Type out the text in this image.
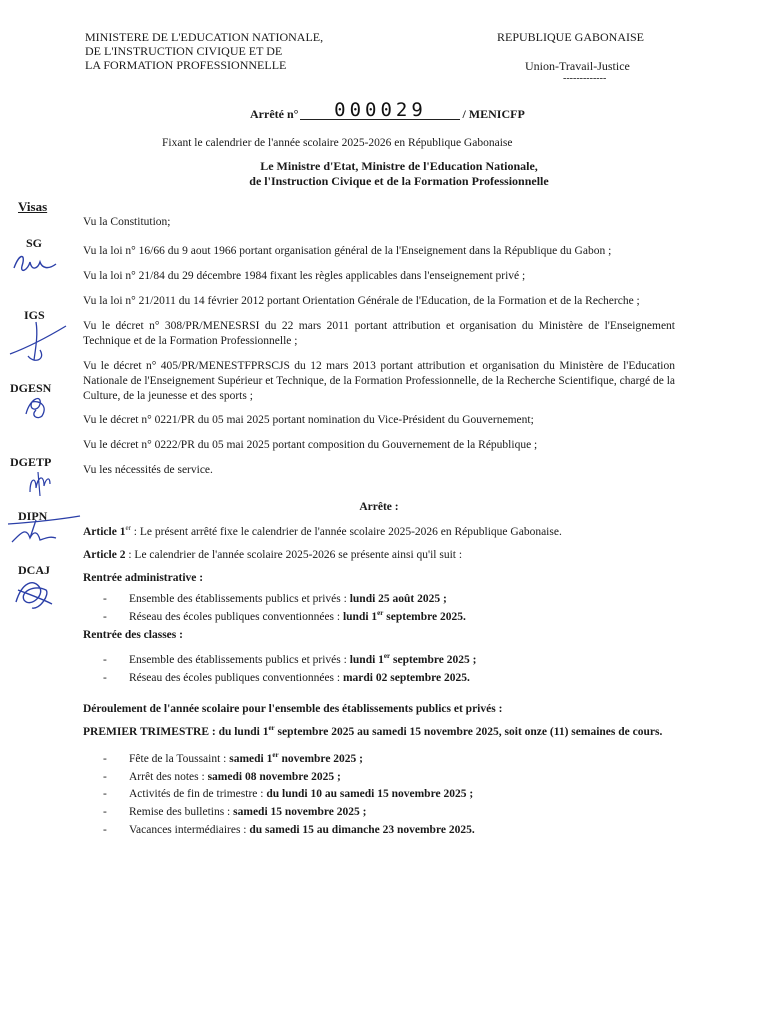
MINISTERE DE L'EDUCATION NATIONALE,
DE L'INSTRUCTION CIVIQUE ET DE
LA FORMATION PROFESSIONNELLE
REPUBLIQUE GABONAISE
Union-Travail-Justice
-------------
Arrêté n°	000029	/ MENICFP
Fixant le calendrier de l'année scolaire 2025-2026 en République Gabonaise
Le Ministre d'Etat, Ministre de l'Education Nationale,
de l'Instruction Civique et de la Formation Professionnelle
Visas
SG
IGS
DGESN
DGETP
DIPN
DCAJ

Vu la Constitution;

Vu la loi n° 16/66 du 9 aout 1966 portant organisation général de la l'Enseignement dans la République du Gabon ;

Vu la loi n° 21/84 du 29 décembre 1984 fixant les règles applicables dans l'enseignement privé ;

Vu la loi n° 21/2011 du 14 février 2012 portant Orientation Générale de l'Education, de la Formation et de la Recherche ;

Vu le décret n° 308/PR/MENESRSI du 22 mars 2011 portant attribution et organisation du Ministère de l'Enseignement Technique et de la Formation Professionnelle ;

Vu le décret n° 405/PR/MENESTFPRSCJS du 12 mars 2013 portant attribution et organisation du Ministère de l'Education Nationale de l'Enseignement Supérieur et Technique, de la Formation Professionnelle, de la Recherche Scientifique, chargé de la Culture, de la jeunesse et des sports ;

Vu le décret n° 0221/PR du 05 mai 2025 portant nomination du Vice-Président du Gouvernement;

Vu le décret n° 0222/PR du 05 mai 2025 portant composition du Gouvernement de la République ;

Vu les nécessités de service.

Arrête :

Article 1er : Le présent arrêté fixe le calendrier de l'année scolaire 2025-2026 en République Gabonaise.

Article 2 : Le calendrier de l'année scolaire 2025-2026 se présente ainsi qu'il suit :

Rentrée administrative :
- Ensemble des établissements publics et privés : lundi 25 août 2025 ;
- Réseau des écoles publiques conventionnées : lundi 1er septembre 2025.
Rentrée des classes :
- Ensemble des établissements publics et privés : lundi 1er septembre 2025 ;
- Réseau des écoles publiques conventionnées : mardi 02 septembre 2025.
Déroulement de l'année scolaire pour l'ensemble des établissements publics et privés :

PREMIER TRIMESTRE : du lundi 1er septembre 2025 au samedi 15 novembre 2025, soit onze (11) semaines de cours.

- Fête de la Toussaint : samedi 1er novembre 2025 ;
- Arrêt des notes : samedi 08 novembre 2025 ;
- Activités de fin de trimestre : du lundi 10 au samedi 15 novembre 2025 ;
- Remise des bulletins : samedi 15 novembre 2025 ;
- Vacances intermédiaires : du samedi 15 au dimanche 23 novembre 2025.
